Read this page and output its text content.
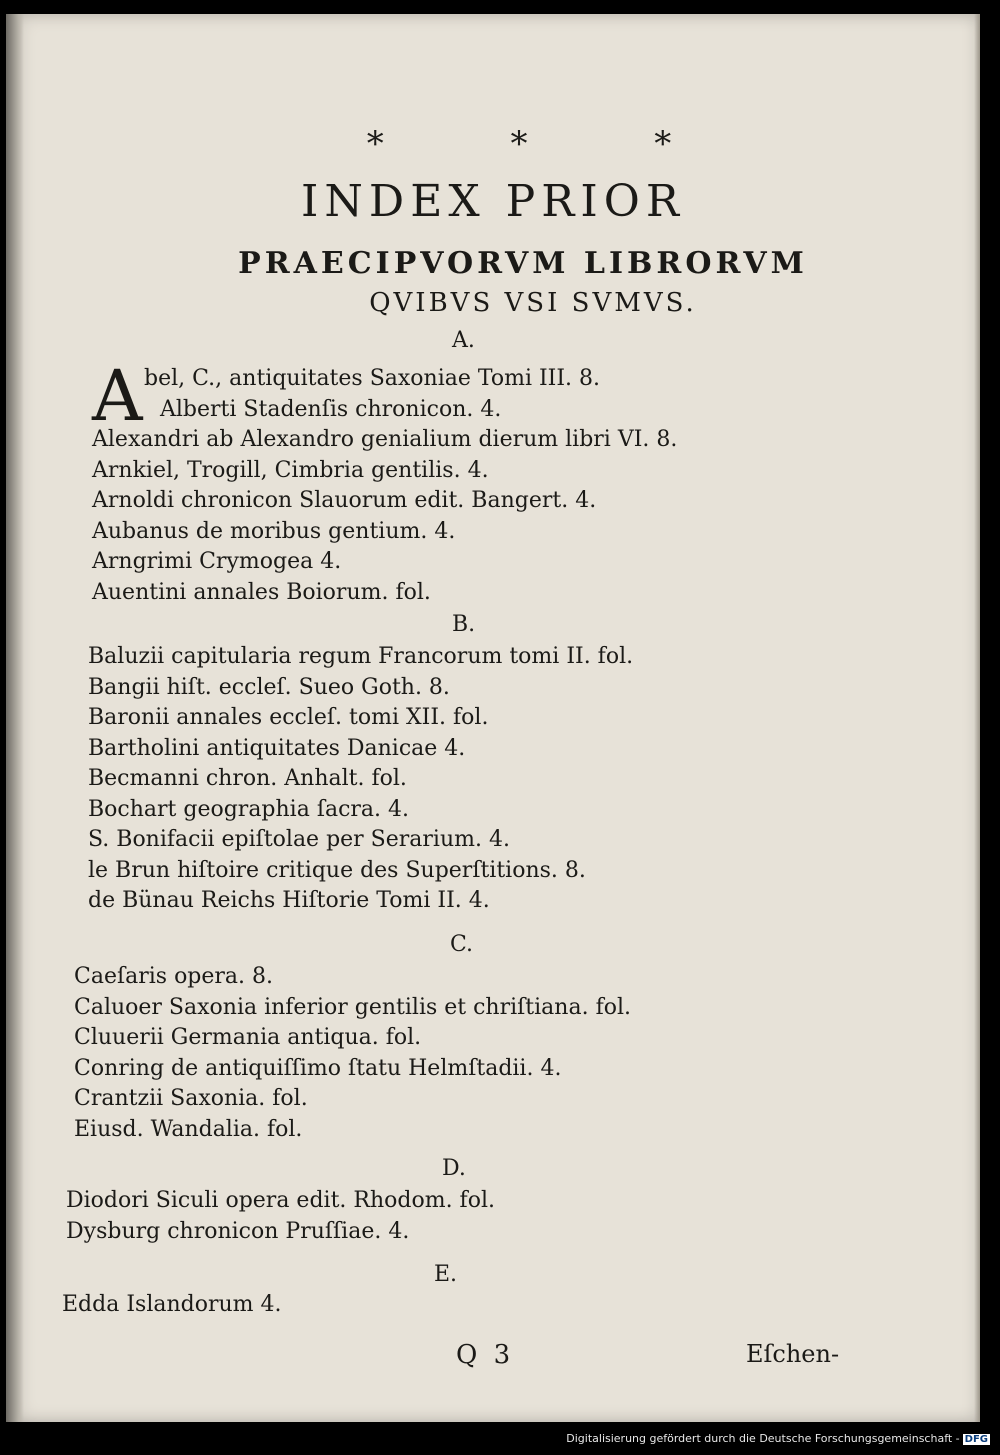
* * *
INDEX PRIOR
PRAECIPVORVM LIBRORVM
QVIBVS VSI SVMVS.
A.
A bel, C., antiquitates Saxoniae Tomi III. 8.
Alberti Stadenſis chronicon. 4.
Alexandri ab Alexandro genialium dierum libri VI. 8.
Arnkiel, Trogill, Cimbria gentilis. 4.
Arnoldi chronicon Slauorum edit. Bangert. 4.
Aubanus de moribus gentium. 4.
Arngrimi Crymogea 4.
Auentini annales Boiorum. fol.
B.
Baluzii capitularia regum Francorum tomi II. fol.
Bangii hiſt. eccleſ. Sueo Goth. 8.
Baronii annales eccleſ. tomi XII. fol.
Bartholini antiquitates Danicae 4.
Becmanni chron. Anhalt. fol.
Bochart geographia ſacra. 4.
S. Bonifacii epiſtolae per Serarium. 4.
le Brun hiſtoire critique des Superſtitions. 8.
de Bünau Reichs Hiſtorie Tomi II. 4.
C.
Caeſaris opera. 8.
Caluoer Saxonia inferior gentilis et chriſtiana. fol.
Cluuerii Germania antiqua. fol.
Conring de antiquiſſimo ſtatu Helmſtadii. 4.
Crantzii Saxonia. fol.
Eiusd. Wandalia. fol.
D.
Diodori Siculi opera edit. Rhodom. fol.
Dysburg chronicon Pruſſiae. 4.
E.
Edda Islandorum 4.
Q 3	Eſchen-
Digitalisierung gefördert durch die Deutsche Forschungsgemeinschaft - DFG
